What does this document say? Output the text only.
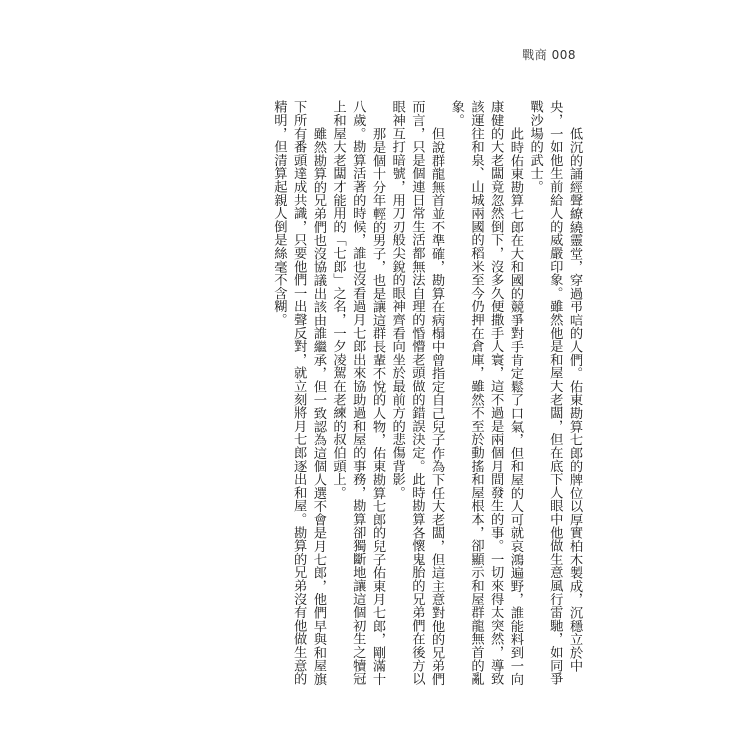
戰商 008

低沉的誦經聲繚繞靈堂，穿過弔唁的人們。佑東勘算七郎的牌位以厚實柏木製成，沉穩立於中央，一如他生前給人的威嚴印象。雖然他是和屋大老闆，但在底下人眼中他做生意風行雷馳，如同爭戰沙場的武士。

此時佑東勘算七郎在大和國的競爭對手肯定鬆了口氣，但和屋的人可就哀鴻遍野，誰能料到一向康健的大老闆竟忽然倒下，沒多久便撒手人寰，這不過是兩個月間發生的事。一切來得太突然，導致該運往和泉、山城兩國的稻米至今仍押在倉庫，雖然不至於動搖和屋根本，卻顯示和屋群龍無首的亂象。

但說群龍無首並不準確，勘算在病榻中曾指定自己兒子作為下任大老闆，但這主意對他的兄弟們而言，只是個連日常生活都無法自理的惛懵老頭做的錯誤決定。此時勘算各懷鬼胎的兄弟們在後方以眼神互打暗號，用刀刃般尖銳的眼神齊看向坐於最前方的悲傷背影。

那是個十分年輕的男子，也是讓這群長輩不悅的人物，佑東勘算七郎的兒子佑東月七郎，剛滿十八歲。勘算活著的時候，誰也沒看過月七郎出來協助過和屋的事務，勘算卻獨斷地讓這個初生之犢冠上和屋大老闆才能用的「七郎」之名，一夕凌駕在老練的叔伯頭上。

雖然勘算的兄弟們也沒協議出該由誰繼承，但一致認為這個人選不會是月七郎，他們早與和屋旗下所有番頭達成共識，只要他們一出聲反對，就立刻將月七郎逐出和屋。勘算的兄弟沒有他做生意的精明，但清算起親人倒是絲毫不含糊。
